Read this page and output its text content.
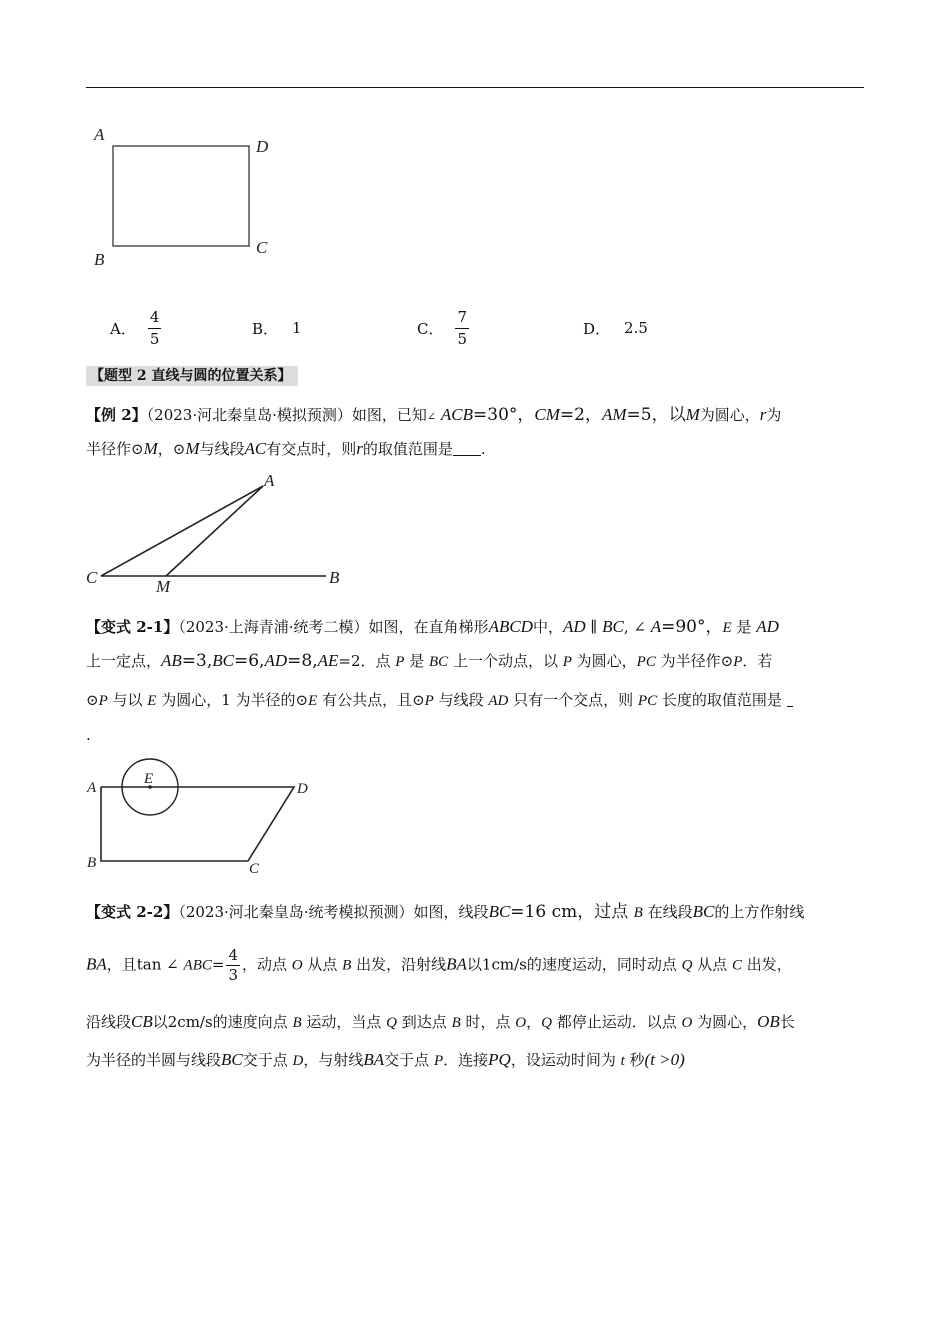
A
D
B
C
A． $\frac{4}{5}$	B． 1	C． $\frac{7}{5}$	D． 2.5
【题型 2 直线与圆的位置关系】
【例 2】（2023·河北秦皇岛·模拟预测）如图，已知∠ ACB=30°，CM=2，AM=5，以M为圆心，r为
半径作⊙M，⊙M与线段AC有交点时，则r的取值范围是 .
A
C	M	B
【变式 2-1】（2023·上海青浦·统考二模）如图，在直角梯形ABCD中，AD ∥ BC, ∠ A=90°，E 是 AD
上一定点，AB=3,BC=6,AD=8,AE=2．点 P 是 BC 上一个动点，以 P 为圆心，PC 为半径作⊙P．若
⊙P 与以 E 为圆心，1 为半径的⊙E 有公共点，且⊙P 与线段 AD 只有一个交点，则 PC 长度的取值范围是
.
E
A	D
B	C
【变式 2-2】（2023·河北秦皇岛·统考模拟预测）如图，线段BC=16 cm，过点 B 在线段BC的上方作射线
BA，且tan ∠ $ABC= \frac{4}{3}$ ，动点 O 从点 B 出发，沿射线BA以1cm/s的速度运动，同时动点 Q 从点 C 出发，
沿线段CB以2cm/s的速度向点 B 运动，当点 Q 到达点 B 时，点 O，Q 都停止运动．以点 O 为圆心，OB长
为半径的半圆与线段BC交于点 D，与射线BA交于点 P．连接PQ，设运动时间为 t 秒(t >0)
